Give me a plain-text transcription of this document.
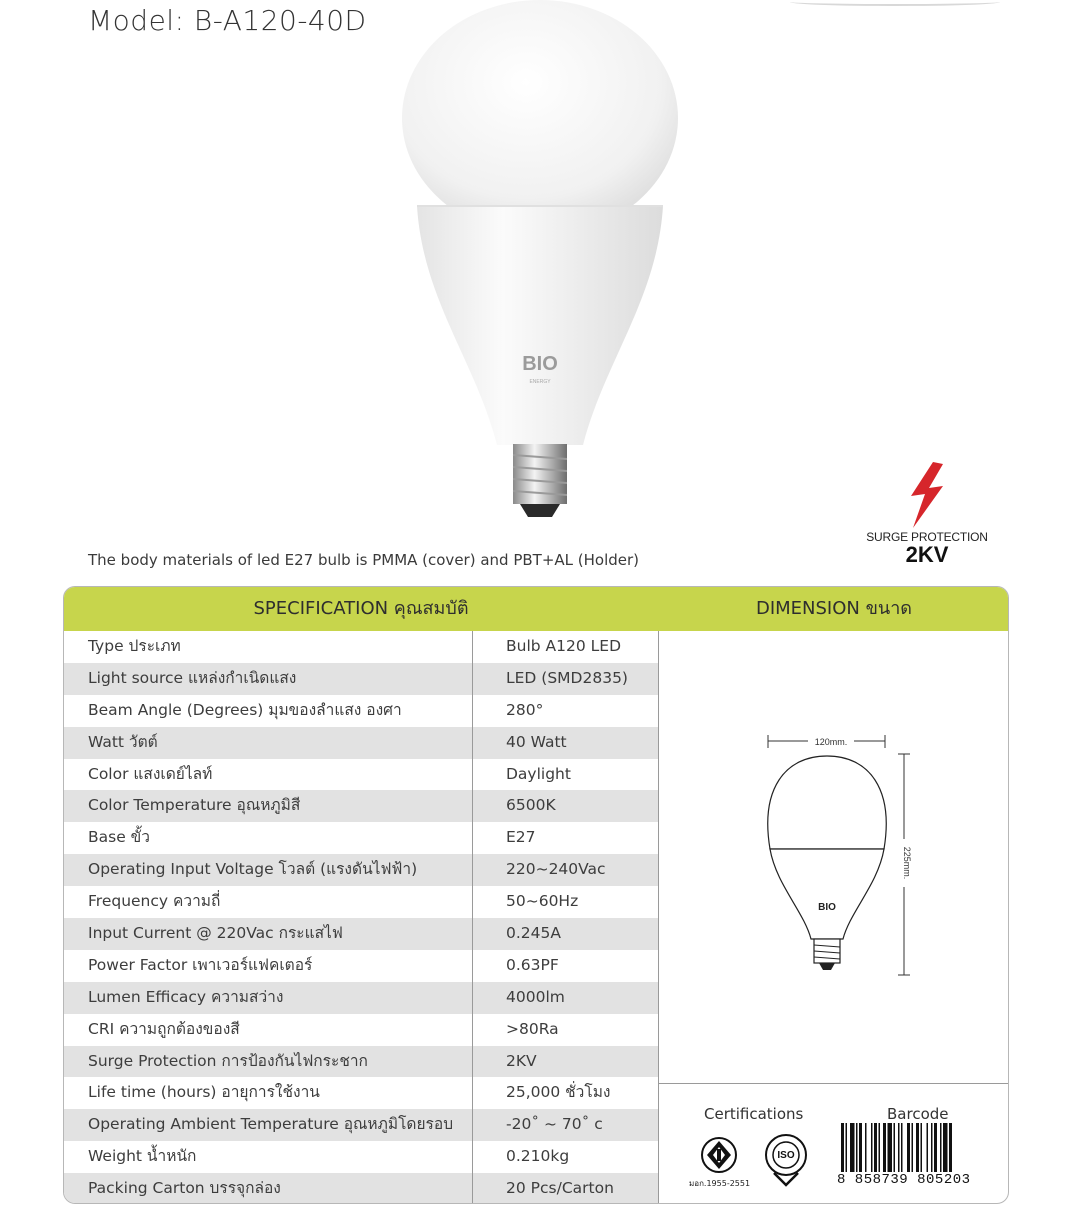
Model: B-A120-40D
BIO
ENERGY
SURGE PROTECTION
2KV
The body materials of led E27 bulb is PMMA (cover) and PBT+AL (Holder)
SPECIFICATION คุณสมบัติ	DIMENSION ขนาด
Type ประเภท	Bulb A120 LED
Light source แหล่งกำเนิดแสง	LED (SMD2835)
Beam Angle (Degrees) มุมของลำแสง องศา	280°
Watt วัตต์	40 Watt
Color แสงเดย์ไลท์	Daylight
Color Temperature อุณหภูมิสี	6500K
Base ขั้ว	E27
Operating Input Voltage โวลต์ (แรงดันไฟฟ้า)	220~240Vac
Frequency ความถี่	50~60Hz
Input Current @ 220Vac กระแสไฟ	0.245A
Power Factor เพาเวอร์แฟคเตอร์	0.63PF
Lumen Efficacy ความสว่าง	4000lm
CRI ความถูกต้องของสี	>80Ra
Surge Protection การป้องกันไฟกระชาก	2KV
Life time (hours) อายุการใช้งาน	25,000 ชั่วโมง
Operating Ambient Temperature อุณหภูมิโดยรอบ	-20˚ ~ 70˚ c
Weight น้ำหนัก	0.210kg
Packing Carton บรรจุกล่อง	20 Pcs/Carton
Certifications	Barcode
ISO
มอก.1955-2551	8 858739 805203
120mm.
225mm.
BIO
